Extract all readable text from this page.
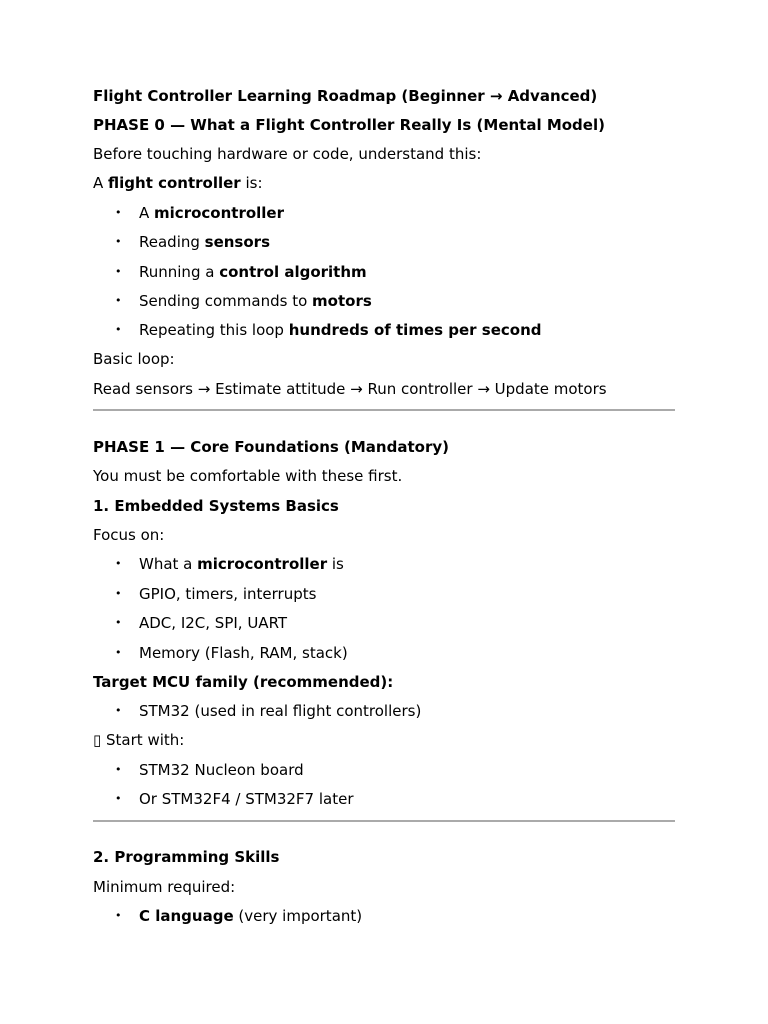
Flight Controller Learning Roadmap (Beginner → Advanced)
PHASE 0 — What a Flight Controller Really Is (Mental Model)
Before touching hardware or code, understand this:
A flight controller is:
• A microcontroller
• Reading sensors
• Running a control algorithm
• Sending commands to motors
• Repeating this loop hundreds of times per second
Basic loop:
Read sensors → Estimate attitude → Run controller → Update motors
PHASE 1 — Core Foundations (Mandatory)
You must be comfortable with these first.
1. Embedded Systems Basics
Focus on:
• What a microcontroller is
• GPIO, timers, interrupts
• ADC, I2C, SPI, UART
• Memory (Flash, RAM, stack)
Target MCU family (recommended):
• STM32 (used in real flight controllers)
▯ Start with:
• STM32 Nucleon board
• Or STM32F4 / STM32F7 later
2. Programming Skills
Minimum required:
• C language (very important)
